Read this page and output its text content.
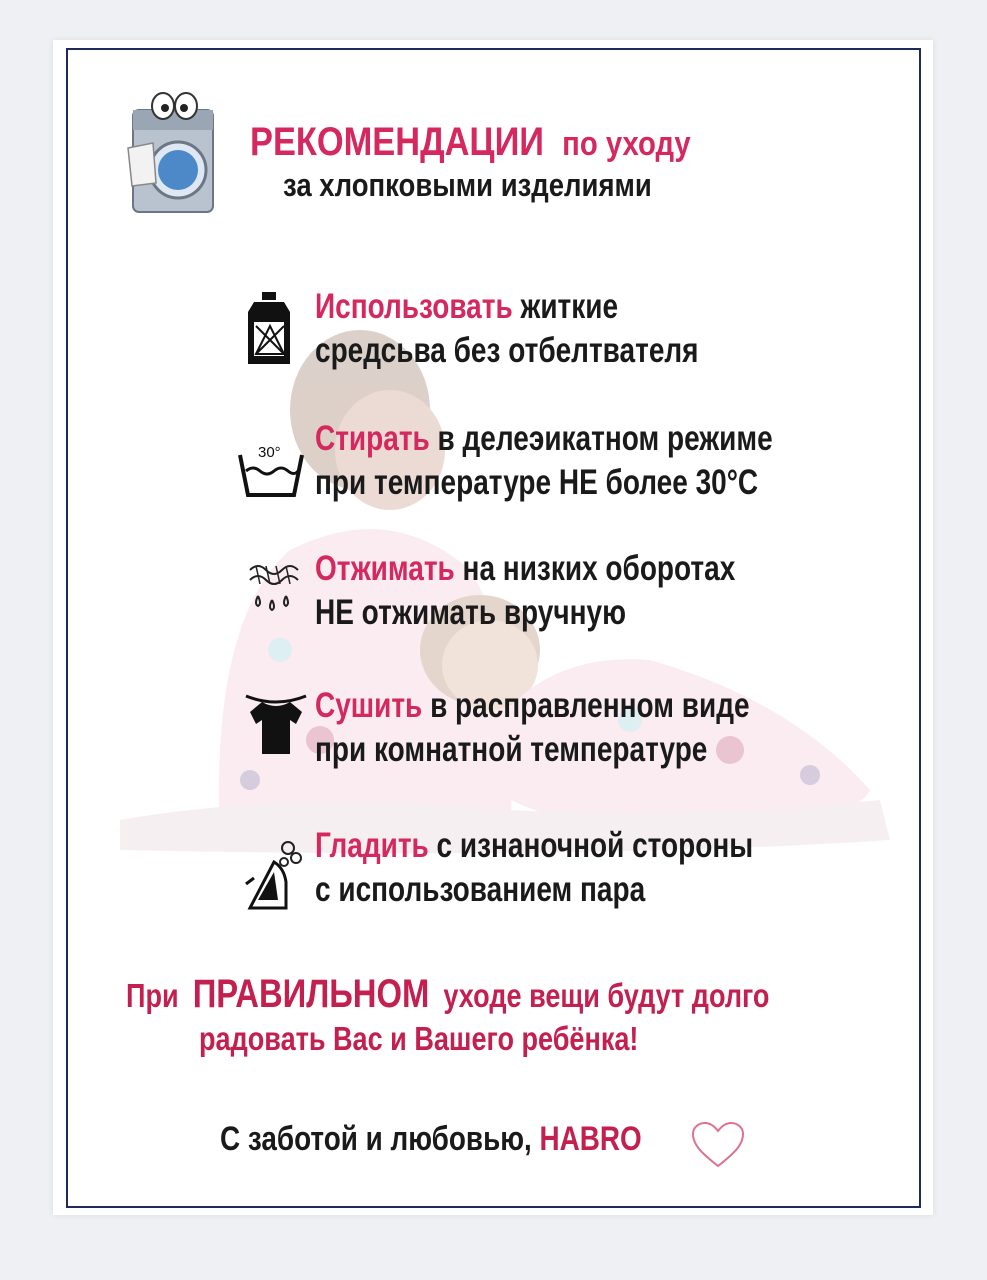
РЕКОМЕНДАЦИИ по уходу
за хлопковыми изделиями
Использовать житкие
средсьва без отбелтвателя
30° Стирать в делеэикатном режиме
при температуре НЕ более 30°С
Отжимать на низких оборотах
НЕ отжимать вручную
Сушить в расправленном виде
при комнатной температуре
Гладить с изнаночной стороны
с использованием пара
При ПРАВИЛЬНОМ уходе вещи будут долго
радовать Вас и Вашего ребёнка!
С заботой и любовью, HABRO
